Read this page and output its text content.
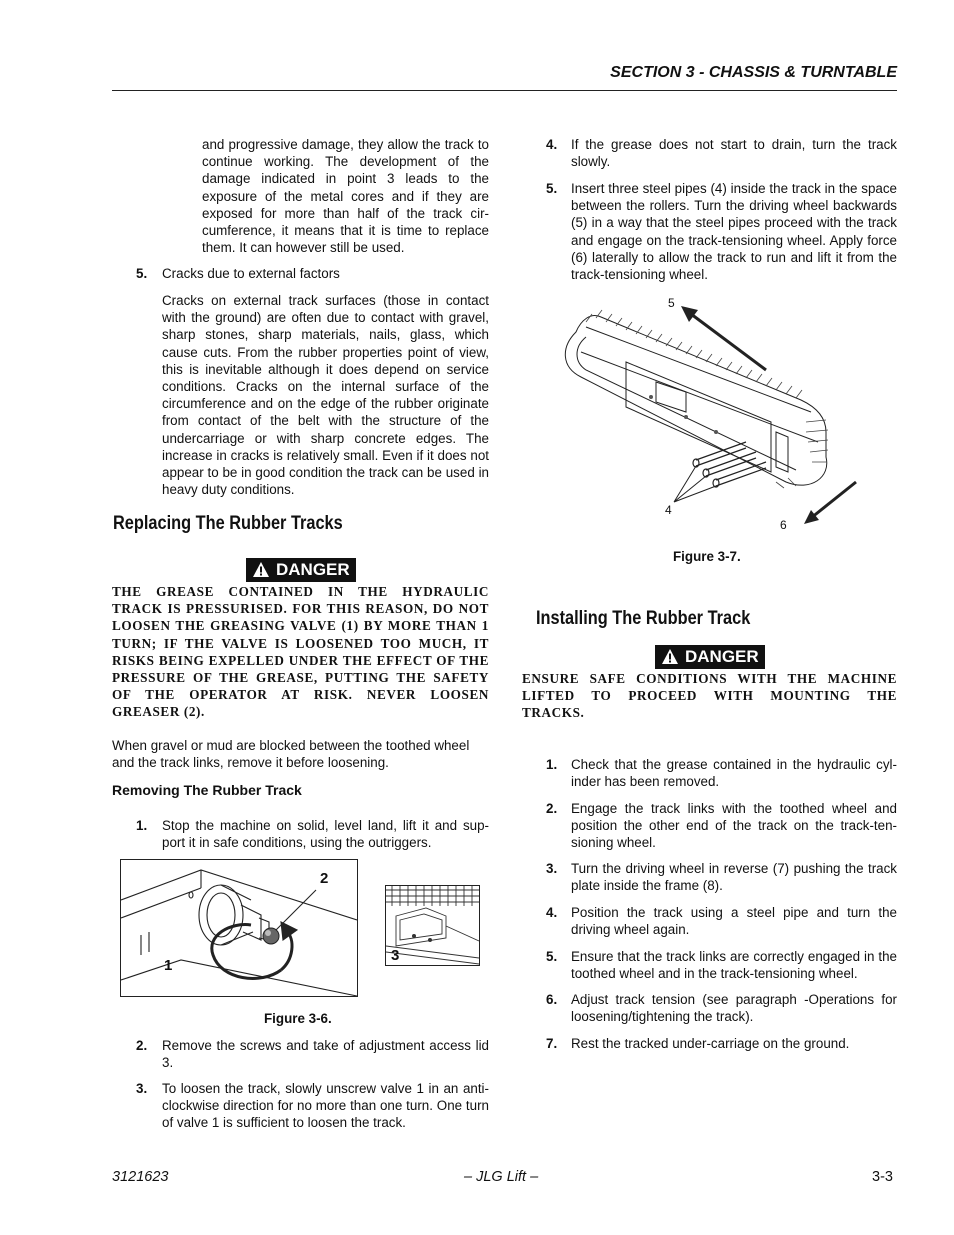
SECTION 3 - CHASSIS & TURNTABLE
and progressive damage, they allow the track to continue working. The development of the damage indicated in point 3 leads to the exposure of the metal cores and if they are exposed for more than half of the track cir-cumference, it means that it is time to replace them. It can however still be used.
5. Cracks due to external factors
Cracks on external track surfaces (those in contact with the ground) are often due to contact with gravel, sharp stones, sharp materials, nails, glass, which cause cuts. From the rubber properties point of view, this is inevitable although it does depend on service conditions. Cracks on the internal surface of the circumference and on the edge of the rubber originate from contact of the belt with the structure of the undercarriage or with sharp concrete edges. The increase in cracks is relatively small. Even if it does not appear to be in good condition the track can be used in heavy duty conditions.
Replacing The Rubber Tracks
DANGER
THE GREASE CONTAINED IN THE HYDRAULIC TRACK IS PRESSURISED. FOR THIS REASON, DO NOT LOOSEN THE GREASING VALVE (1) BY MORE THAN 1 TURN; IF THE VALVE IS LOOSENED TOO MUCH, IT RISKS BEING EXPELLED UNDER THE EFFECT OF THE PRESSURE OF THE GREASE, PUTTING THE SAFETY OF THE OPERATOR AT RISK. NEVER LOOSEN GREASER (2).
When gravel or mud are blocked between the toothed wheel and the track links, remove it before loosening.
Removing The Rubber Track
1. Stop the machine on solid, level land, lift it and sup-port it in safe conditions, using the outriggers.
2
1
3
Figure 3-6.
2. Remove the screws and take of adjustment access lid 3.
3. To loosen the track, slowly unscrew valve 1 in an anti-clockwise direction for no more than one turn. One turn of valve 1 is sufficient to loosen the track.
4. If the grease does not start to drain, turn the track slowly.
5. Insert three steel pipes (4) inside the track in the space between the rollers. Turn the driving wheel backwards (5) in a way that the steel pipes proceed with the track and engage on the track-tensioning wheel. Apply force (6) laterally to allow the track to run and lift it from the track-tensioning wheel.
5
4
6
Figure 3-7.
Installing The Rubber Track
DANGER
ENSURE SAFE CONDITIONS WITH THE MACHINE LIFTED TO PROCEED WITH MOUNTING THE TRACKS.
1. Check that the grease contained in the hydraulic cyl-inder has been removed.
2. Engage the track links with the toothed wheel and position the other end of the track on the track-ten-sioning wheel.
3. Turn the driving wheel in reverse (7) pushing the track plate inside the frame (8).
4. Position the track using a steel pipe and turn the driving wheel again.
5. Ensure that the track links are correctly engaged in the toothed wheel and in the track-tensioning wheel.
6. Adjust track tension (see paragraph -Operations for loosening/tightening the track).
7. Rest the tracked under-carriage on the ground.
3121623	– JLG Lift –	3-3
